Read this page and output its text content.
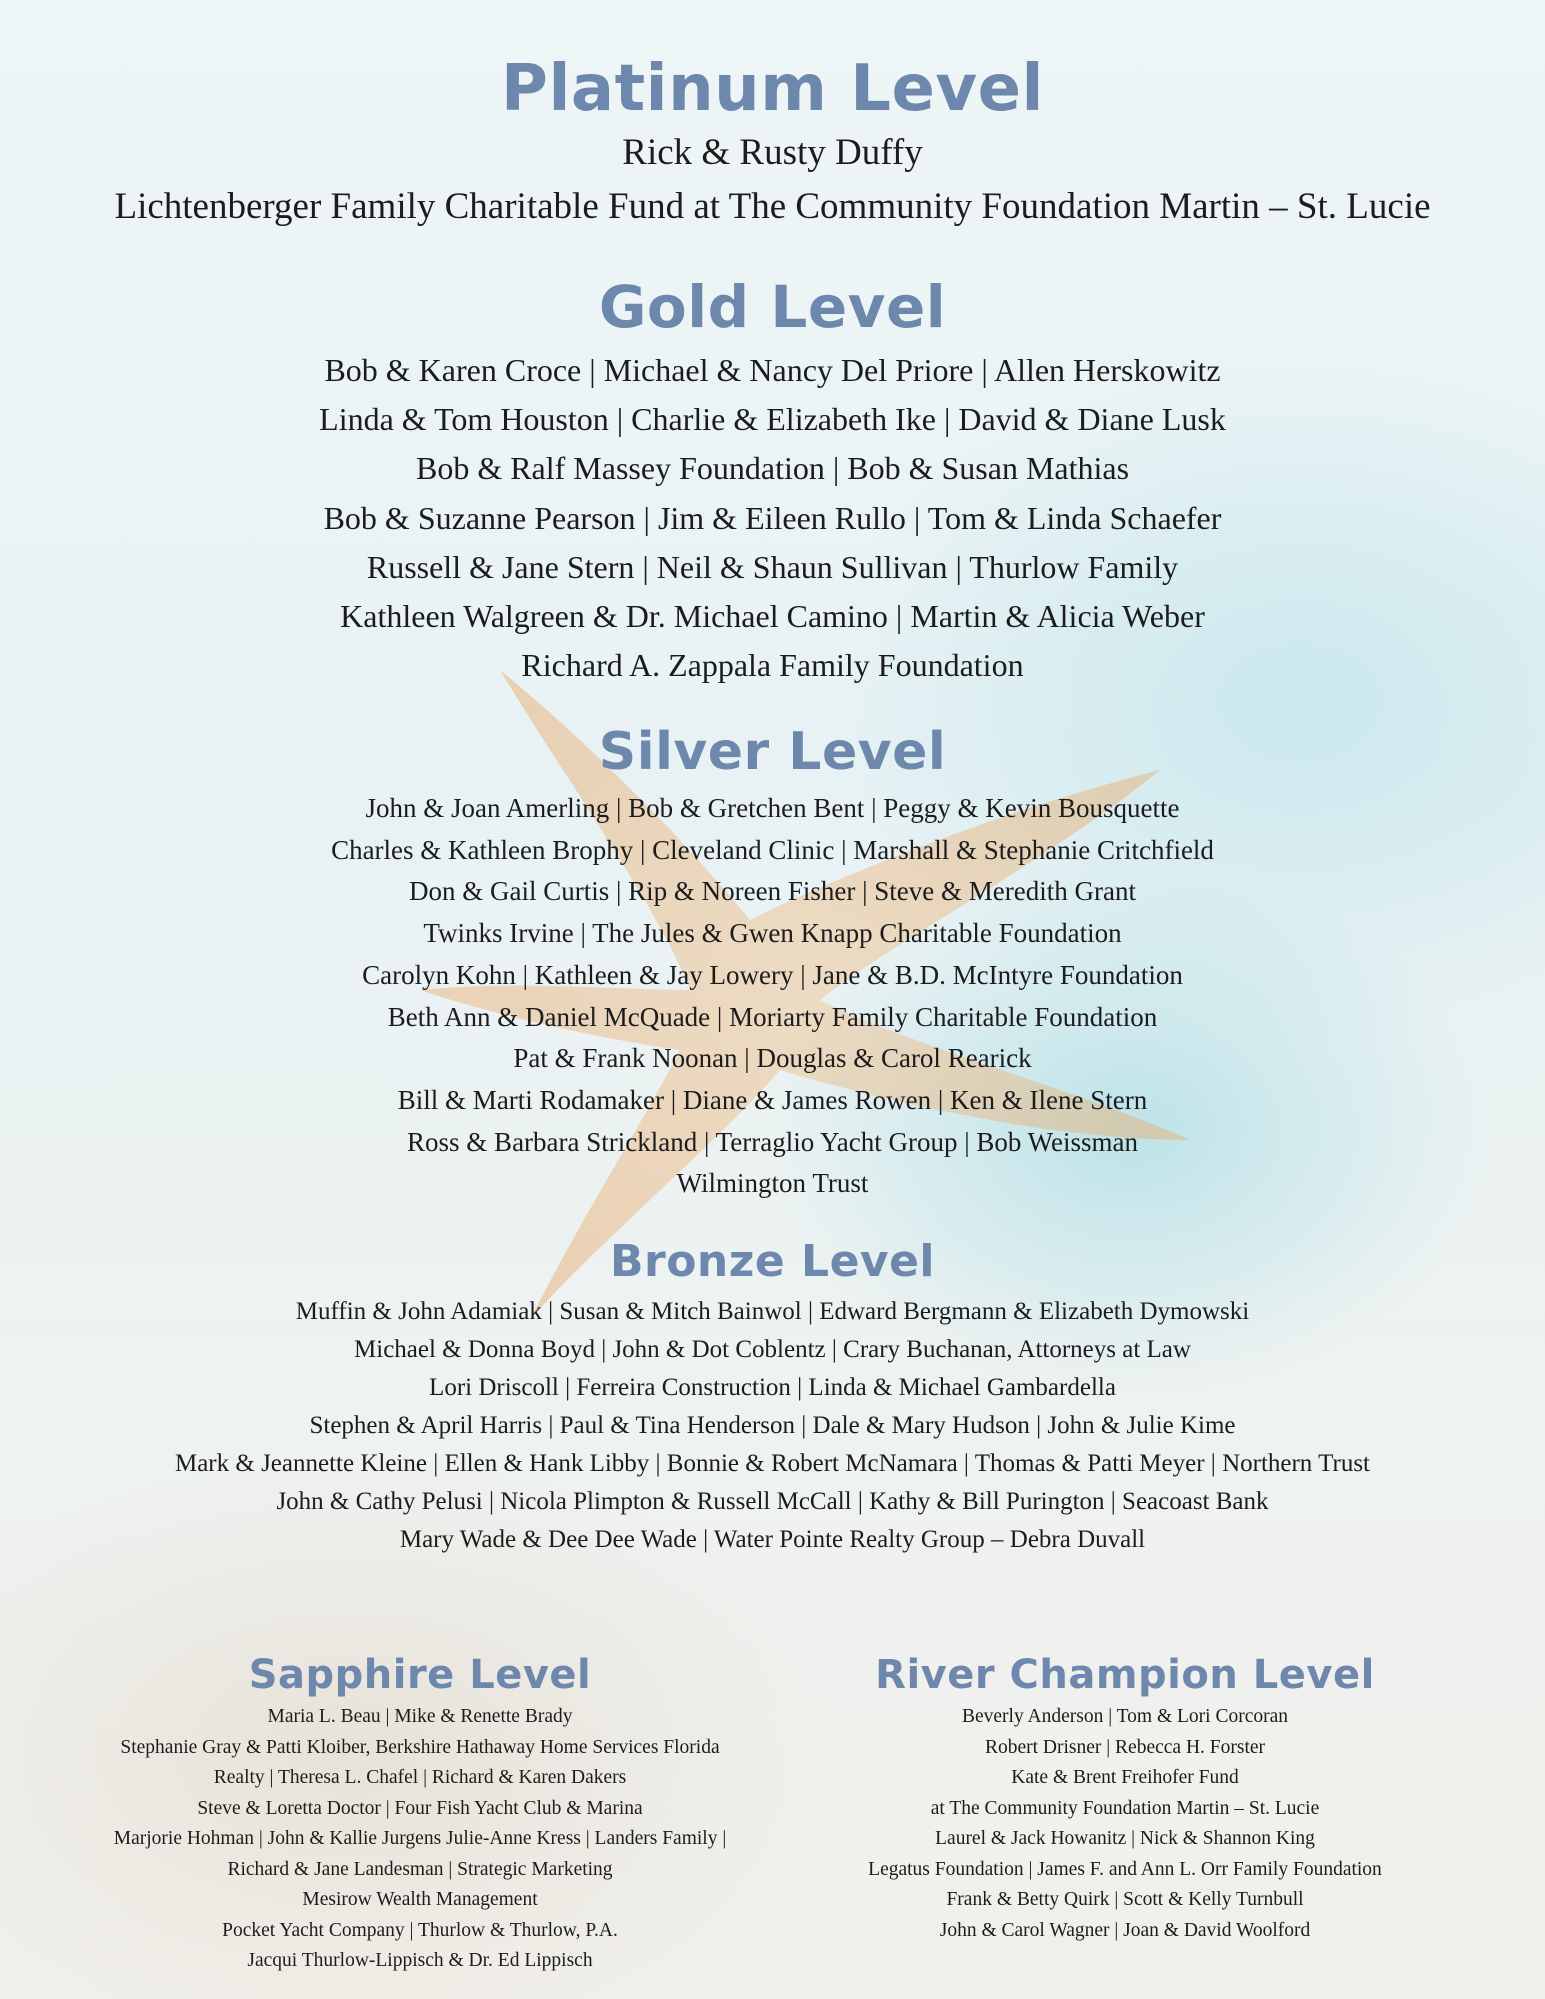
Platinum Level
Rick & Rusty Duffy
Lichtenberger Family Charitable Fund at The Community Foundation Martin – St. Lucie
Gold Level
Bob & Karen Croce | Michael & Nancy Del Priore | Allen Herskowitz
Linda & Tom Houston | Charlie & Elizabeth Ike | David & Diane Lusk
Bob & Ralf Massey Foundation | Bob & Susan Mathias
Bob & Suzanne Pearson | Jim & Eileen Rullo | Tom & Linda Schaefer
Russell & Jane Stern | Neil & Shaun Sullivan | Thurlow Family
Kathleen Walgreen & Dr. Michael Camino | Martin & Alicia Weber
Richard A. Zappala Family Foundation
Silver Level
John & Joan Amerling | Bob & Gretchen Bent | Peggy & Kevin Bousquette
Charles & Kathleen Brophy | Cleveland Clinic | Marshall & Stephanie Critchfield
Don & Gail Curtis | Rip & Noreen Fisher | Steve & Meredith Grant
Twinks Irvine | The Jules & Gwen Knapp Charitable Foundation
Carolyn Kohn | Kathleen & Jay Lowery | Jane & B.D. McIntyre Foundation
Beth Ann & Daniel McQuade | Moriarty Family Charitable Foundation
Pat & Frank Noonan | Douglas & Carol Rearick
Bill & Marti Rodamaker | Diane & James Rowen | Ken & Ilene Stern
Ross & Barbara Strickland | Terraglio Yacht Group | Bob Weissman
Wilmington Trust
Bronze Level
Muffin & John Adamiak | Susan & Mitch Bainwol | Edward Bergmann & Elizabeth Dymowski
Michael & Donna Boyd | John & Dot Coblentz | Crary Buchanan, Attorneys at Law
Lori Driscoll | Ferreira Construction | Linda & Michael Gambardella
Stephen & April Harris | Paul & Tina Henderson | Dale & Mary Hudson | John & Julie Kime
Mark & Jeannette Kleine | Ellen & Hank Libby | Bonnie & Robert McNamara | Thomas & Patti Meyer | Northern Trust
John & Cathy Pelusi | Nicola Plimpton & Russell McCall | Kathy & Bill Purington | Seacoast Bank
Mary Wade & Dee Dee Wade | Water Pointe Realty Group – Debra Duvall
Sapphire Level
Maria L. Beau | Mike & Renette Brady
Stephanie Gray & Patti Kloiber, Berkshire Hathaway Home Services Florida
Realty | Theresa L. Chafel | Richard & Karen Dakers
Steve & Loretta Doctor | Four Fish Yacht Club & Marina
Marjorie Hohman | John & Kallie Jurgens Julie-Anne Kress | Landers Family |
Richard & Jane Landesman | Strategic Marketing
Mesirow Wealth Management
Pocket Yacht Company | Thurlow & Thurlow, P.A.
Jacqui Thurlow-Lippisch & Dr. Ed Lippisch
River Champion Level
Beverly Anderson | Tom & Lori Corcoran
Robert Drisner | Rebecca H. Forster
Kate & Brent Freihofer Fund
at The Community Foundation Martin – St. Lucie
Laurel & Jack Howanitz | Nick & Shannon King
Legatus Foundation | James F. and Ann L. Orr Family Foundation
Frank & Betty Quirk | Scott & Kelly Turnbull
John & Carol Wagner | Joan & David Woolford
